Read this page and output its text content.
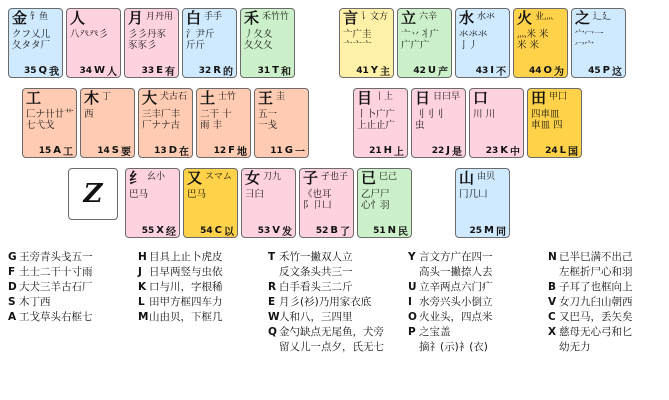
金 钅鱼
クフ乂儿
夂タタ厂
35 Q 我
人
八癶癶彡
34 W 人
月 月丹用
彡彡丹豕
豕豕彡
33 E 有
白 手手
氵尹斤
斤斤
32 R 的
禾 禾竹竹
丿夂夊
夂夂夂
31 T 和
言 讠文方
亠广圭
亠亠亠
41 Y 主
立 六辛
亠丷丬广
广广广
42 U 产
水 水氺
氺氺氺
亅丿
43 I 不
火 业灬
灬米 米
米 米
44 O 为
之 辶廴
宀冖一
冖宀
45 P 这
工
匚ナ卄廿艹
七弋戈
15 A 工
木 丁
西
14 S 要
大 犬古石
三丰厂丰
厂ナナ古
13 D 在
土 士竹
二干 十
雨 丰
12 F 地
王 圭
五一
一戋
11 G 一
目 丨上
丨卜广广
上止止广
21 H 上
日 日曰早
刂刂刂
虫
22 J 是
口
川 川
23 K 中
田 甲囗
四車皿
車皿 四
24 L 国
纟 幺小
巴马
55 X 经
又 スマム
巴马
54 C 以
女 刀九
彐臼
53 V 发
子 孑也子
《也耳
阝卩凵
52 B 了
已 巳己
乙尸尸
心忄羽
51 N 民
山 由贝
冂几凵
25 M 同
Z
G 王旁青头戋五一
F 土士二干十寸雨
D 大犬三羊古石厂
S 木丁西
A 工戈草头右框七
H 目具上止卜虎皮
J 日早两竖与虫依
K 口与川，字根稀
L 田甲方框四车力
M 山由贝，下框几
T 禾竹一撇双人立
反文条头共三一
R 白手看头三二斤
E 月彡(衫)乃用家衣底
W 人和八，三四里
Q 金勺缺点无尾鱼，犬旁
留乂儿一点夕，氏无七
Y 言文方广在四一
高头一撇捺人去
U 立辛两点六门疒
I 水旁兴头小倒立
O 火业头，四点米
P 之宝盖
摘礻(示)衤(衣)
N 已半巳满不出己
左框折尸心和羽
B 子耳了也框向上
V 女刀九臼山朝西
C 又巴马，丢矢矣
X 慈母无心弓和匕
幼无力
